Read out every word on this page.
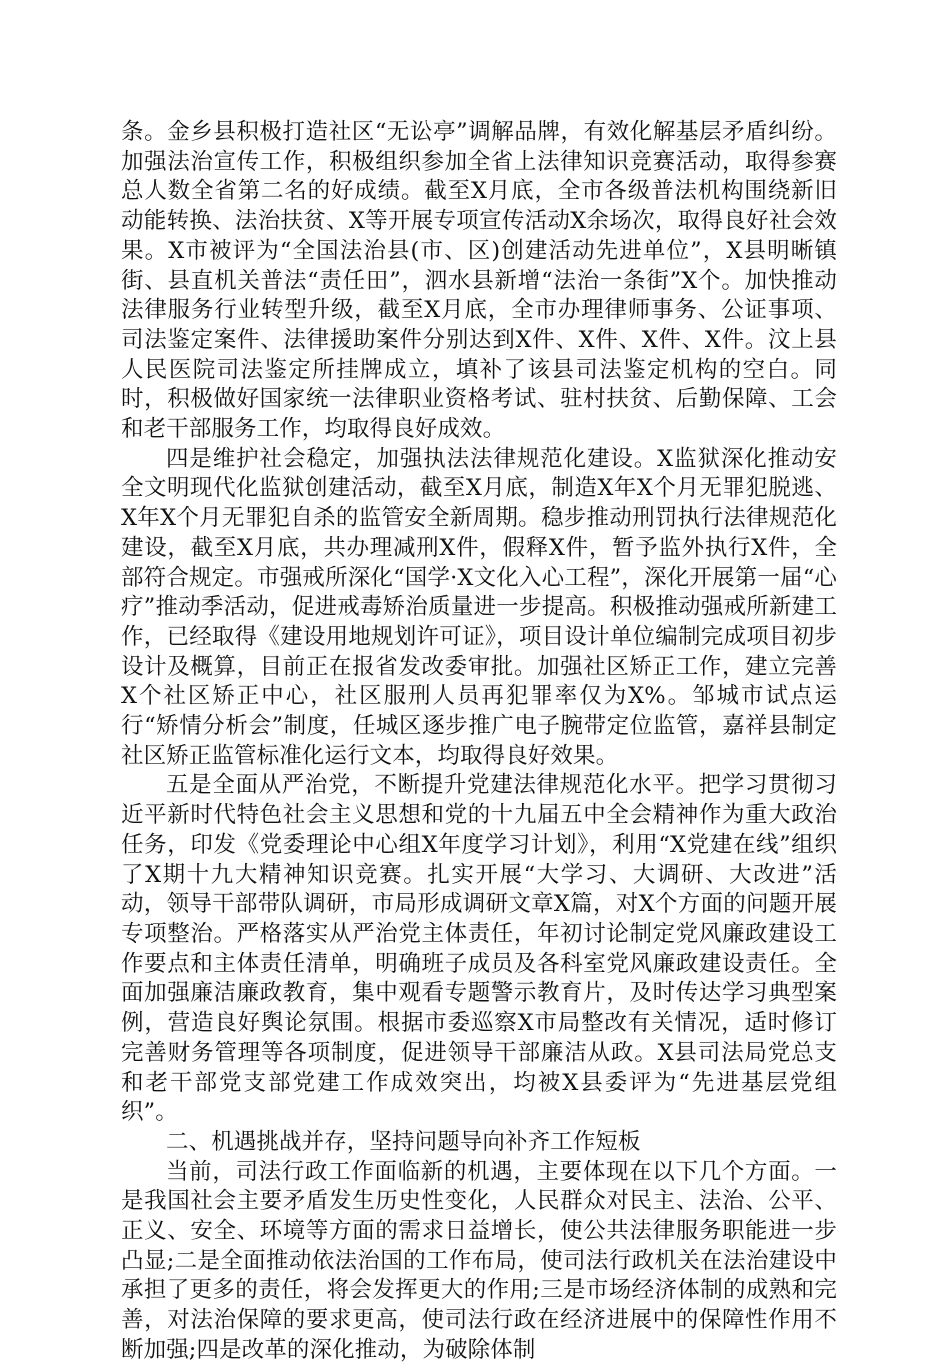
条。金乡县积极打造社区“无讼亭”调解品牌，有效化解基层矛盾纠纷。加强法治宣传工作，积极组织参加全省上法律知识竞赛活动，取得参赛总人数全省第二名的好成绩。截至X月底，全市各级普法机构围绕新旧动能转换、法治扶贫、X等开展专项宣传活动X余场次，取得良好社会效果。X市被评为“全国法治县(市、区)创建活动先进单位”，X县明晰镇街、县直机关普法“责任田”，泗水县新增“法治一条街”X个。加快推动法律服务行业转型升级，截至X月底，全市办理律师事务、公证事项、司法鉴定案件、法律援助案件分别达到X件、X件、X件、X件。汶上县人民医院司法鉴定所挂牌成立，填补了该县司法鉴定机构的空白。同时，积极做好国家统一法律职业资格考试、驻村扶贫、后勤保障、工会和老干部服务工作，均取得良好成效。

四是维护社会稳定，加强执法法律规范化建设。X监狱深化推动安全文明现代化监狱创建活动，截至X月底，制造X年X个月无罪犯脱逃、X年X个月无罪犯自杀的监管安全新周期。稳步推动刑罚执行法律规范化建设，截至X月底，共办理减刑X件，假释X件，暂予监外执行X件，全部符合规定。市强戒所深化“国学·X文化入心工程”，深化开展第一届“心疗”推动季活动，促进戒毒矫治质量进一步提高。积极推动强戒所新建工作，已经取得《建设用地规划许可证》，项目设计单位编制完成项目初步设计及概算，目前正在报省发改委审批。加强社区矫正工作，建立完善X个社区矫正中心，社区服刑人员再犯罪率仅为X%。邹城市试点运行“矫情分析会”制度，任城区逐步推广电子腕带定位监管，嘉祥县制定社区矫正监管标准化运行文本，均取得良好效果。

五是全面从严治党，不断提升党建法律规范化水平。把学习贯彻习近平新时代特色社会主义思想和党的十九届五中全会精神作为重大政治任务，印发《党委理论中心组X年度学习计划》，利用“X党建在线”组织了X期十九大精神知识竞赛。扎实开展“大学习、大调研、大改进”活动，领导干部带队调研，市局形成调研文章X篇，对X个方面的问题开展专项整治。严格落实从严治党主体责任，年初讨论制定党风廉政建设工作要点和主体责任清单，明确班子成员及各科室党风廉政建设责任。全面加强廉洁廉政教育，集中观看专题警示教育片，及时传达学习典型案例，营造良好舆论氛围。根据市委巡察X市局整改有关情况，适时修订完善财务管理等各项制度，促进领导干部廉洁从政。X县司法局党总支和老干部党支部党建工作成效突出，均被X县委评为“先进基层党组织”。

二、机遇挑战并存，坚持问题导向补齐工作短板

当前，司法行政工作面临新的机遇，主要体现在以下几个方面。一是我国社会主要矛盾发生历史性变化，人民群众对民主、法治、公平、正义、安全、环境等方面的需求日益增长，使公共法律服务职能进一步凸显;二是全面推动依法治国的工作布局，使司法行政机关在法治建设中承担了更多的责任，将会发挥更大的作用;三是市场经济体制的成熟和完善，对法治保障的要求更高，使司法行政在经济进展中的保障性作用不断加强;四是改革的深化推动，为破除体制
